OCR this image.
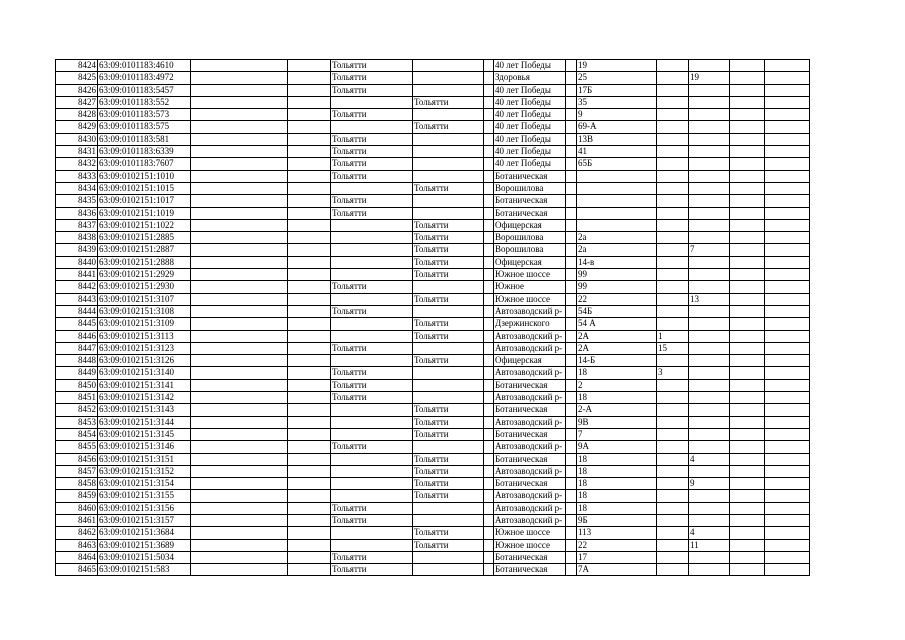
8424	63:09:0101183:4610			Тольятти			40 лет Победы		19				
8425	63:09:0101183:4972			Тольятти			Здоровья		25		19		
8426	63:09:0101183:5457			Тольятти			40 лет Победы		17Б				
8427	63:09:0101183:552				Тольятти		40 лет Победы		35				
8428	63:09:0101183:573			Тольятти			40 лет Победы		9				
8429	63:09:0101183:575				Тольятти		40 лет Победы		69-А				
8430	63:09:0101183:581			Тольятти			40 лет Победы		13В				
8431	63:09:0101183:6339			Тольятти			40 лет Победы		41				
8432	63:09:0101183:7607			Тольятти			40 лет Победы		65Б				
8433	63:09:0102151:1010			Тольятти			Ботаническая						
8434	63:09:0102151:1015				Тольятти		Ворошилова						
8435	63:09:0102151:1017			Тольятти			Ботаническая						
8436	63:09:0102151:1019			Тольятти			Ботаническая						
8437	63:09:0102151:1022				Тольятти		Офицерская						
8438	63:09:0102151:2885				Тольятти		Ворошилова		2а				
8439	63:09:0102151:2887				Тольятти		Ворошилова		2а		7		
8440	63:09:0102151:2888				Тольятти		Офицерская		14-в				
8441	63:09:0102151:2929				Тольятти		Южное шоссе		99				
8442	63:09:0102151:2930			Тольятти			Южное		99				
8443	63:09:0102151:3107				Тольятти		Южное шоссе		22		13		
8444	63:09:0102151:3108			Тольятти			Автозаводский р-		54Б				
8445	63:09:0102151:3109				Тольятти		Дзержинского		54 А				
8446	63:09:0102151:3113				Тольятти		Автозаводский р-		2А	1			
8447	63:09:0102151:3123			Тольятти			Автозаводский р-		2А	15			
8448	63:09:0102151:3126				Тольятти		Офицерская		14-Б				
8449	63:09:0102151:3140			Тольятти			Автозаводский р-		18	3			
8450	63:09:0102151:3141			Тольятти			Ботаническая		2				
8451	63:09:0102151:3142			Тольятти			Автозаводский р-		18				
8452	63:09:0102151:3143				Тольятти		Ботаническая		2-А				
8453	63:09:0102151:3144				Тольятти		Автозаводский р-		9В				
8454	63:09:0102151:3145				Тольятти		Ботаническая		7				
8455	63:09:0102151:3146			Тольятти			Автозаводский р-		9А				
8456	63:09:0102151:3151				Тольятти		Ботаническая		18		4		
8457	63:09:0102151:3152				Тольятти		Автозаводский р-		18				
8458	63:09:0102151:3154				Тольятти		Ботаническая		18		9		
8459	63:09:0102151:3155				Тольятти		Автозаводский р-		18				
8460	63:09:0102151:3156			Тольятти			Автозаводский р-		18				
8461	63:09:0102151:3157			Тольятти			Автозаводский р-		9Б				
8462	63:09:0102151:3684				Тольятти		Южное шоссе		113		4		
8463	63:09:0102151:3689				Тольятти		Южное шоссе		22		11		
8464	63:09:0102151:5034			Тольятти			Ботаническая		17				
8465	63:09:0102151:583			Тольятти			Ботаническая		7А				
